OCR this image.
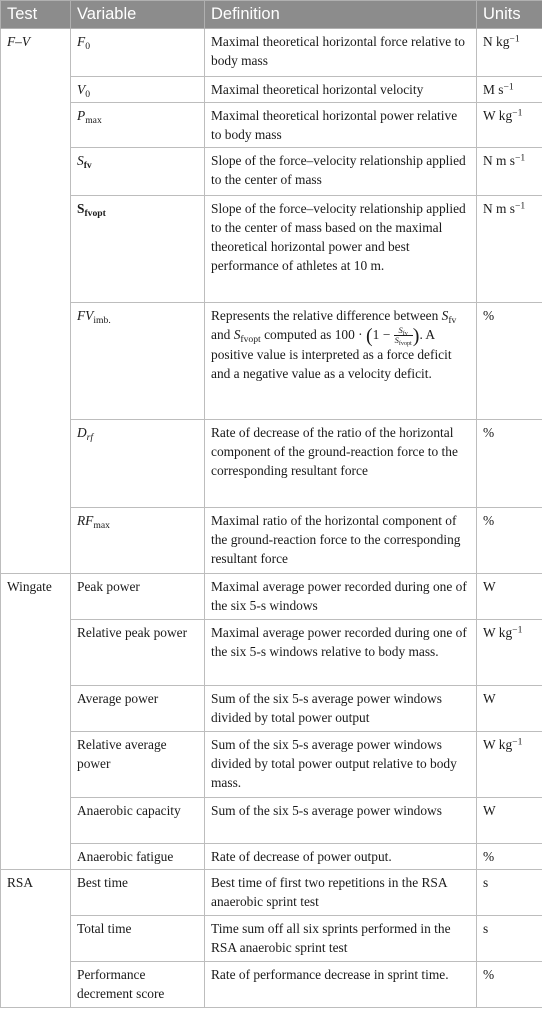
Test	Variable	Definition	Units
F–V	$F_0$	Maximal theoretical horizontal force relative to body mass	N $kg^{-1}$
	$V_0$	Maximal theoretical horizontal velocity	M $s^{-1}$
	$P_{max}$	Maximal theoretical horizontal power relative to body mass	W $kg^{-1}$
	$S_{fv}$	Slope of the force–velocity relationship applied to the center of mass	N m $s^{-1}$
	$S_{fvopt}$	Slope of the force–velocity relationship applied to the center of mass based on the maximal theoretical horizontal power and best performance of athletes at 10 m.	N m $s^{-1}$
	$FV_{imb.}$	Represents the relative difference between $S_{fv}$ and $S_{fvopt}$ computed as $100 \cdot (1 - \frac{S_{fv}}{S_{fvopt}}$ ). A positive value is interpreted as a force deficit and a negative value as a velocity deficit.	%
	$D_{rf}$	Rate of decrease of the ratio of the horizontal component of the ground-reaction force to the corresponding resultant force	%
	$RF_{max}$	Maximal ratio of the horizontal component of the ground-reaction force to the corresponding resultant force	%
Wingate	Peak power	Maximal average power recorded during one of the six 5-s windows	W
	Relative peak power	Maximal average power recorded during one of the six 5-s windows relative to body mass.	W $kg^{-1}$
	Average power	Sum of the six 5-s average power windows divided by total power output	W
	Relative average power	Sum of the six 5-s average power windows divided by total power output relative to body mass.	W $kg^{-1}$
	Anaerobic capacity	Sum of the six 5-s average power windows	W
	Anaerobic fatigue	Rate of decrease of power output.	%
RSA	Best time	Best time of first two repetitions in the RSA anaerobic sprint test	s
	Total time	Time sum off all six sprints performed in the RSA anaerobic sprint test	s
	Performance decrement score	Rate of performance decrease in sprint time.	%
